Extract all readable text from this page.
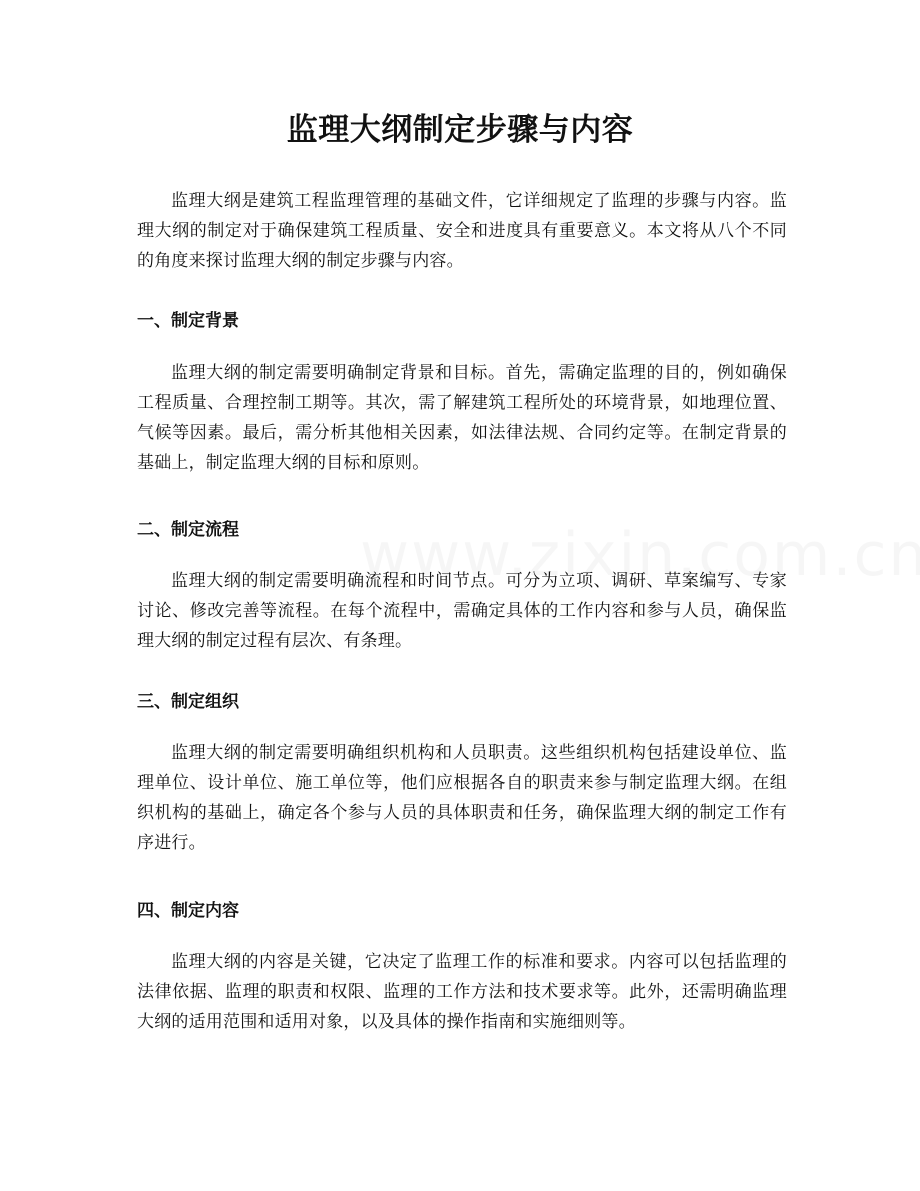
监理大纲制定步骤与内容

监理大纲是建筑工程监理管理的基础文件，它详细规定了监理的步骤与内容。监理大纲的制定对于确保建筑工程质量、安全和进度具有重要意义。本文将从八个不同的角度来探讨监理大纲的制定步骤与内容。

一、制定背景

监理大纲的制定需要明确制定背景和目标。首先，需确定监理的目的，例如确保工程质量、合理控制工期等。其次，需了解建筑工程所处的环境背景，如地理位置、气候等因素。最后，需分析其他相关因素，如法律法规、合同约定等。在制定背景的基础上，制定监理大纲的目标和原则。

二、制定流程

监理大纲的制定需要明确流程和时间节点。可分为立项、调研、草案编写、专家讨论、修改完善等流程。在每个流程中，需确定具体的工作内容和参与人员，确保监理大纲的制定过程有层次、有条理。

三、制定组织

监理大纲的制定需要明确组织机构和人员职责。这些组织机构包括建设单位、监理单位、设计单位、施工单位等，他们应根据各自的职责来参与制定监理大纲。在组织机构的基础上，确定各个参与人员的具体职责和任务，确保监理大纲的制定工作有序进行。

四、制定内容

监理大纲的内容是关键，它决定了监理工作的标准和要求。内容可以包括监理的法律依据、监理的职责和权限、监理的工作方法和技术要求等。此外，还需明确监理大纲的适用范围和适用对象，以及具体的操作指南和实施细则等。
